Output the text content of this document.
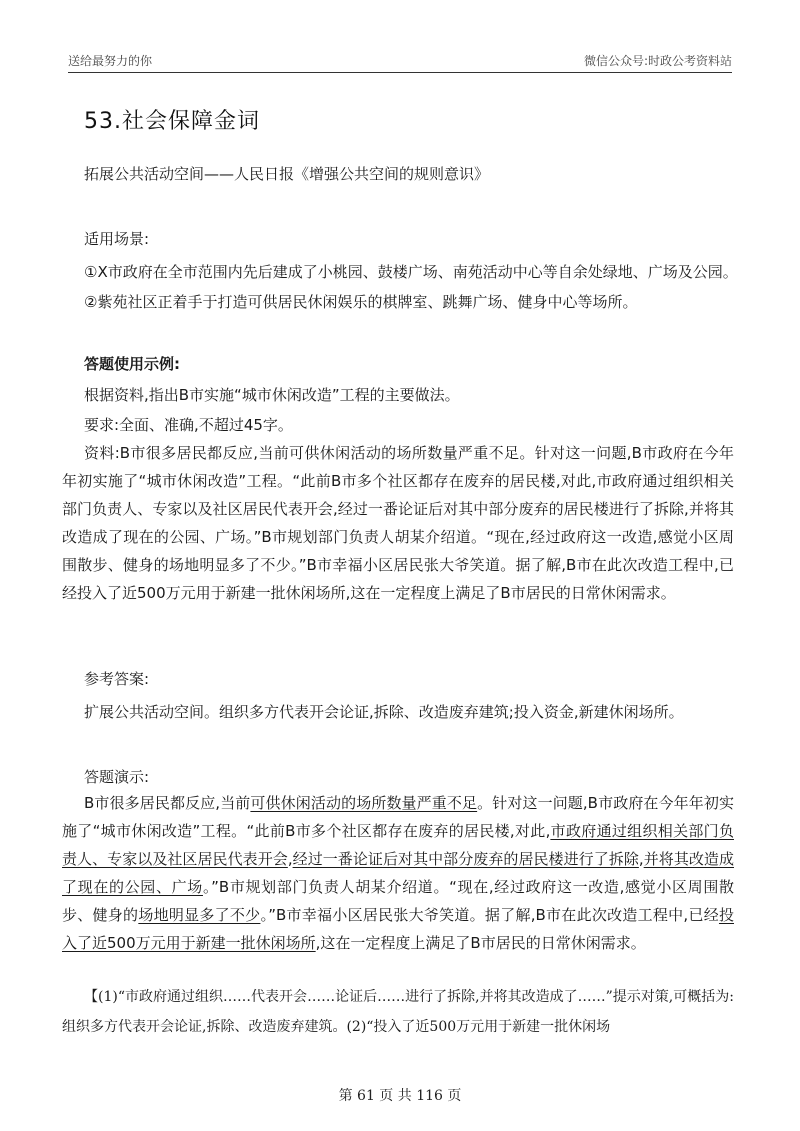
送给最努力的你	微信公众号:时政公考资料站
53.社会保障金词
拓展公共活动空间——人民日报《增强公共空间的规则意识》
适用场景:
①X市政府在全市范围内先后建成了小桃园、鼓楼广场、南苑活动中心等自余处绿地、广场及公园。
②紫苑社区正着手于打造可供居民休闲娱乐的棋牌室、跳舞广场、健身中心等场所。
答题使用示例:
根据资料,指出B市实施“城市休闲改造”工程的主要做法。
要求:全面、准确,不超过45字。
资料:B市很多居民都反应,当前可供休闲活动的场所数量严重不足。针对这一问题,B市政府在今年年初实施了“城市休闲改造”工程。“此前B市多个社区都存在废弃的居民楼,对此,市政府通过组织相关部门负责人、专家以及社区居民代表开会,经过一番论证后对其中部分废弃的居民楼进行了拆除,并将其改造成了现在的公园、广场。”B市规划部门负责人胡某介绍道。“现在,经过政府这一改造,感觉小区周围散步、健身的场地明显多了不少。”B市幸福小区居民张大爷笑道。据了解,B市在此次改造工程中,已经投入了近500万元用于新建一批休闲场所,这在一定程度上满足了B市居民的日常休闲需求。
参考答案:
扩展公共活动空间。组织多方代表开会论证,拆除、改造废弃建筑;投入资金,新建休闲场所。
答题演示:
B市很多居民都反应,当前可供休闲活动的场所数量严重不足。针对这一问题,B市政府在今年年初实施了“城市休闲改造”工程。“此前B市多个社区都存在废弃的居民楼,对此,市政府通过组织相关部门负责人、专家以及社区居民代表开会,经过一番论证后对其中部分废弃的居民楼进行了拆除,并将其改造成了现在的公园、广场。”B市规划部门负责人胡某介绍道。“现在,经过政府这一改造,感觉小区周围散步、健身的场地明显多了不少。”B市幸福小区居民张大爷笑道。据了解,B市在此次改造工程中,已经投入了近500万元用于新建一批休闲场所,这在一定程度上满足了B市居民的日常休闲需求。
【(1)“市政府通过组织……代表开会……论证后……进行了拆除,并将其改造成了……”提示对策,可概括为:组织多方代表开会论证,拆除、改造废弃建筑。(2)“投入了近500万元用于新建一批休闲场
第 61 页 共 116 页
